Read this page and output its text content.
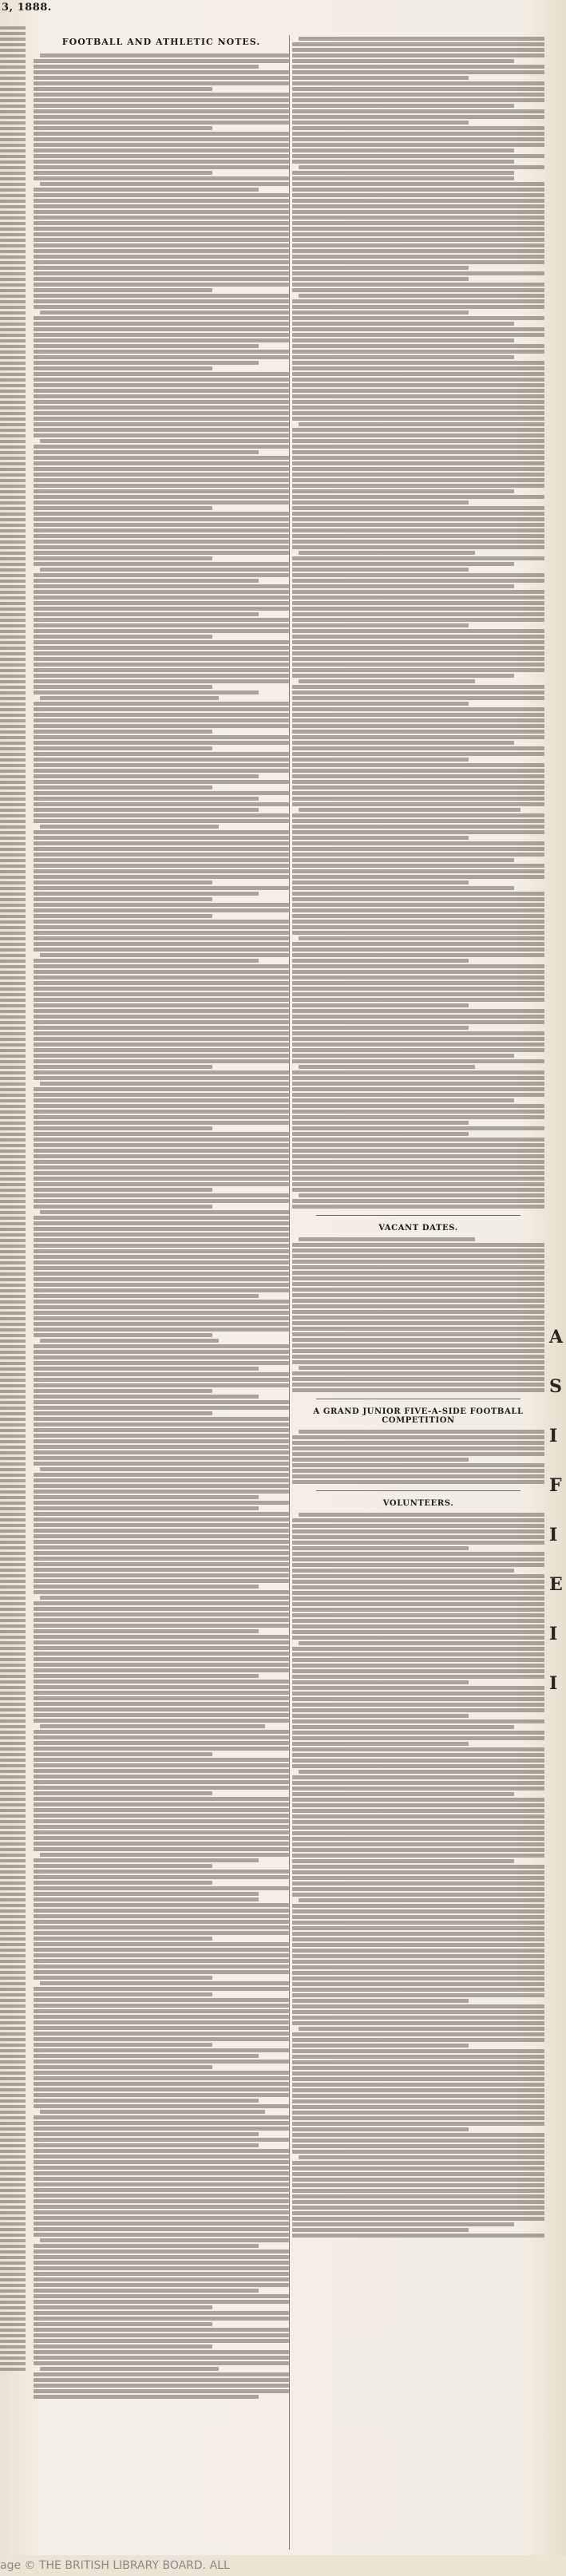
3, 1888.
FOOTBALL AND ATHLETIC NOTES.
VACANT DATES.
A GRAND JUNIOR FIVE-A-SIDE FOOTBALL COMPETITION
VOLUNTEERS.
A
S
I
F
I
E
I
I
age © THE BRITISH LIBRARY BOARD. ALL
